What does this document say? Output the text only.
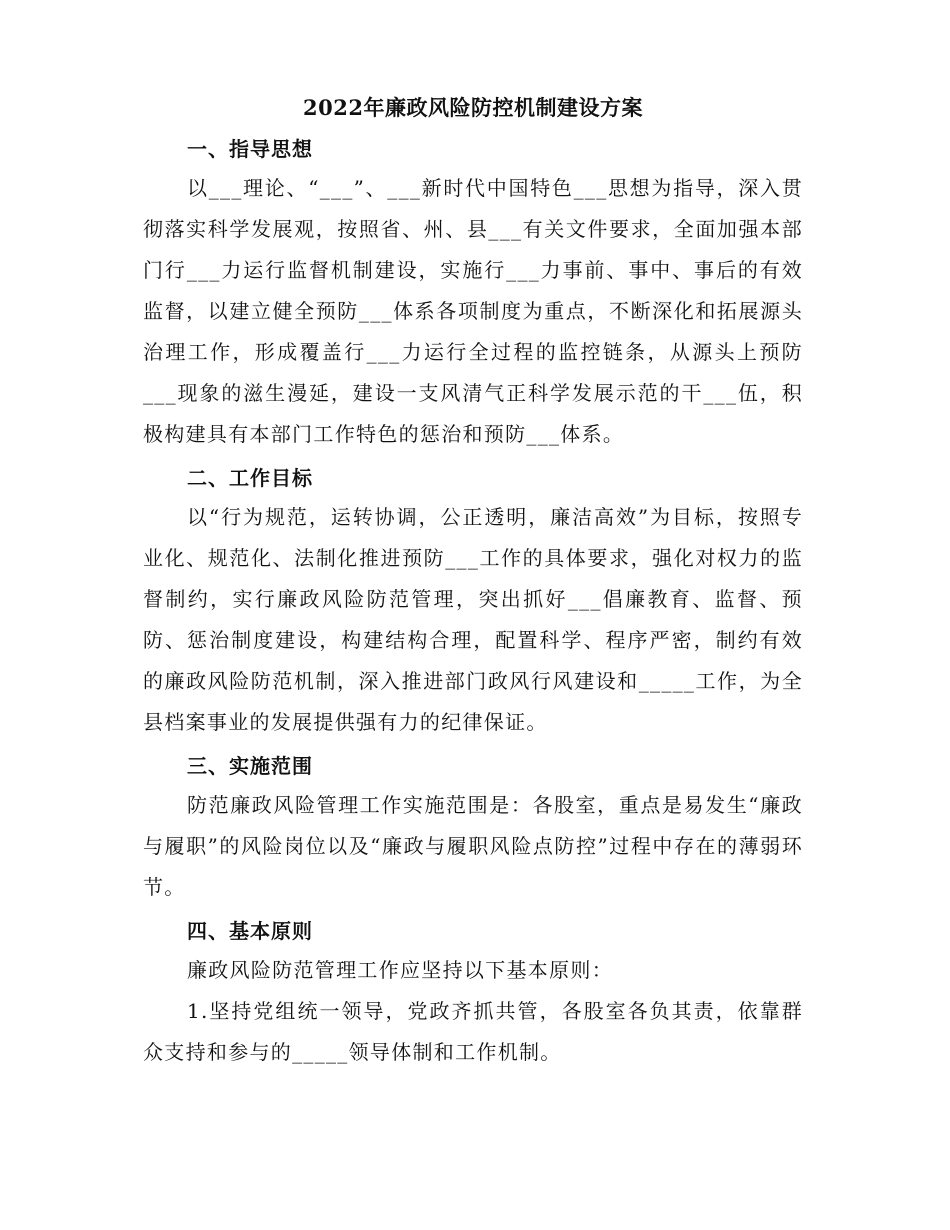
2022年廉政风险防控机制建设方案
一、指导思想

以___理论、“___”、___新时代中国特色___思想为指导，深入贯彻落实科学发展观，按照省、州、县___有关文件要求，全面加强本部门行___力运行监督机制建设，实施行___力事前、事中、事后的有效监督，以建立健全预防___体系各项制度为重点，不断深化和拓展源头治理工作，形成覆盖行___力运行全过程的监控链条，从源头上预防___现象的滋生漫延，建设一支风清气正科学发展示范的干___伍，积极构建具有本部门工作特色的惩治和预防___体系。

二、工作目标

以“行为规范，运转协调，公正透明，廉洁高效”为目标，按照专业化、规范化、法制化推进预防___工作的具体要求，强化对权力的监督制约，实行廉政风险防范管理，突出抓好___倡廉教育、监督、预防、惩治制度建设，构建结构合理，配置科学、程序严密，制约有效的廉政风险防范机制，深入推进部门政风行风建设和_____工作，为全县档案事业的发展提供强有力的纪律保证。

三、实施范围

防范廉政风险管理工作实施范围是：各股室，重点是易发生“廉政与履职”的风险岗位以及“廉政与履职风险点防控”过程中存在的薄弱环节。

四、基本原则

廉政风险防范管理工作应坚持以下基本原则：

1.坚持党组统一领导，党政齐抓共管，各股室各负其责，依靠群众支持和参与的_____领导体制和工作机制。
